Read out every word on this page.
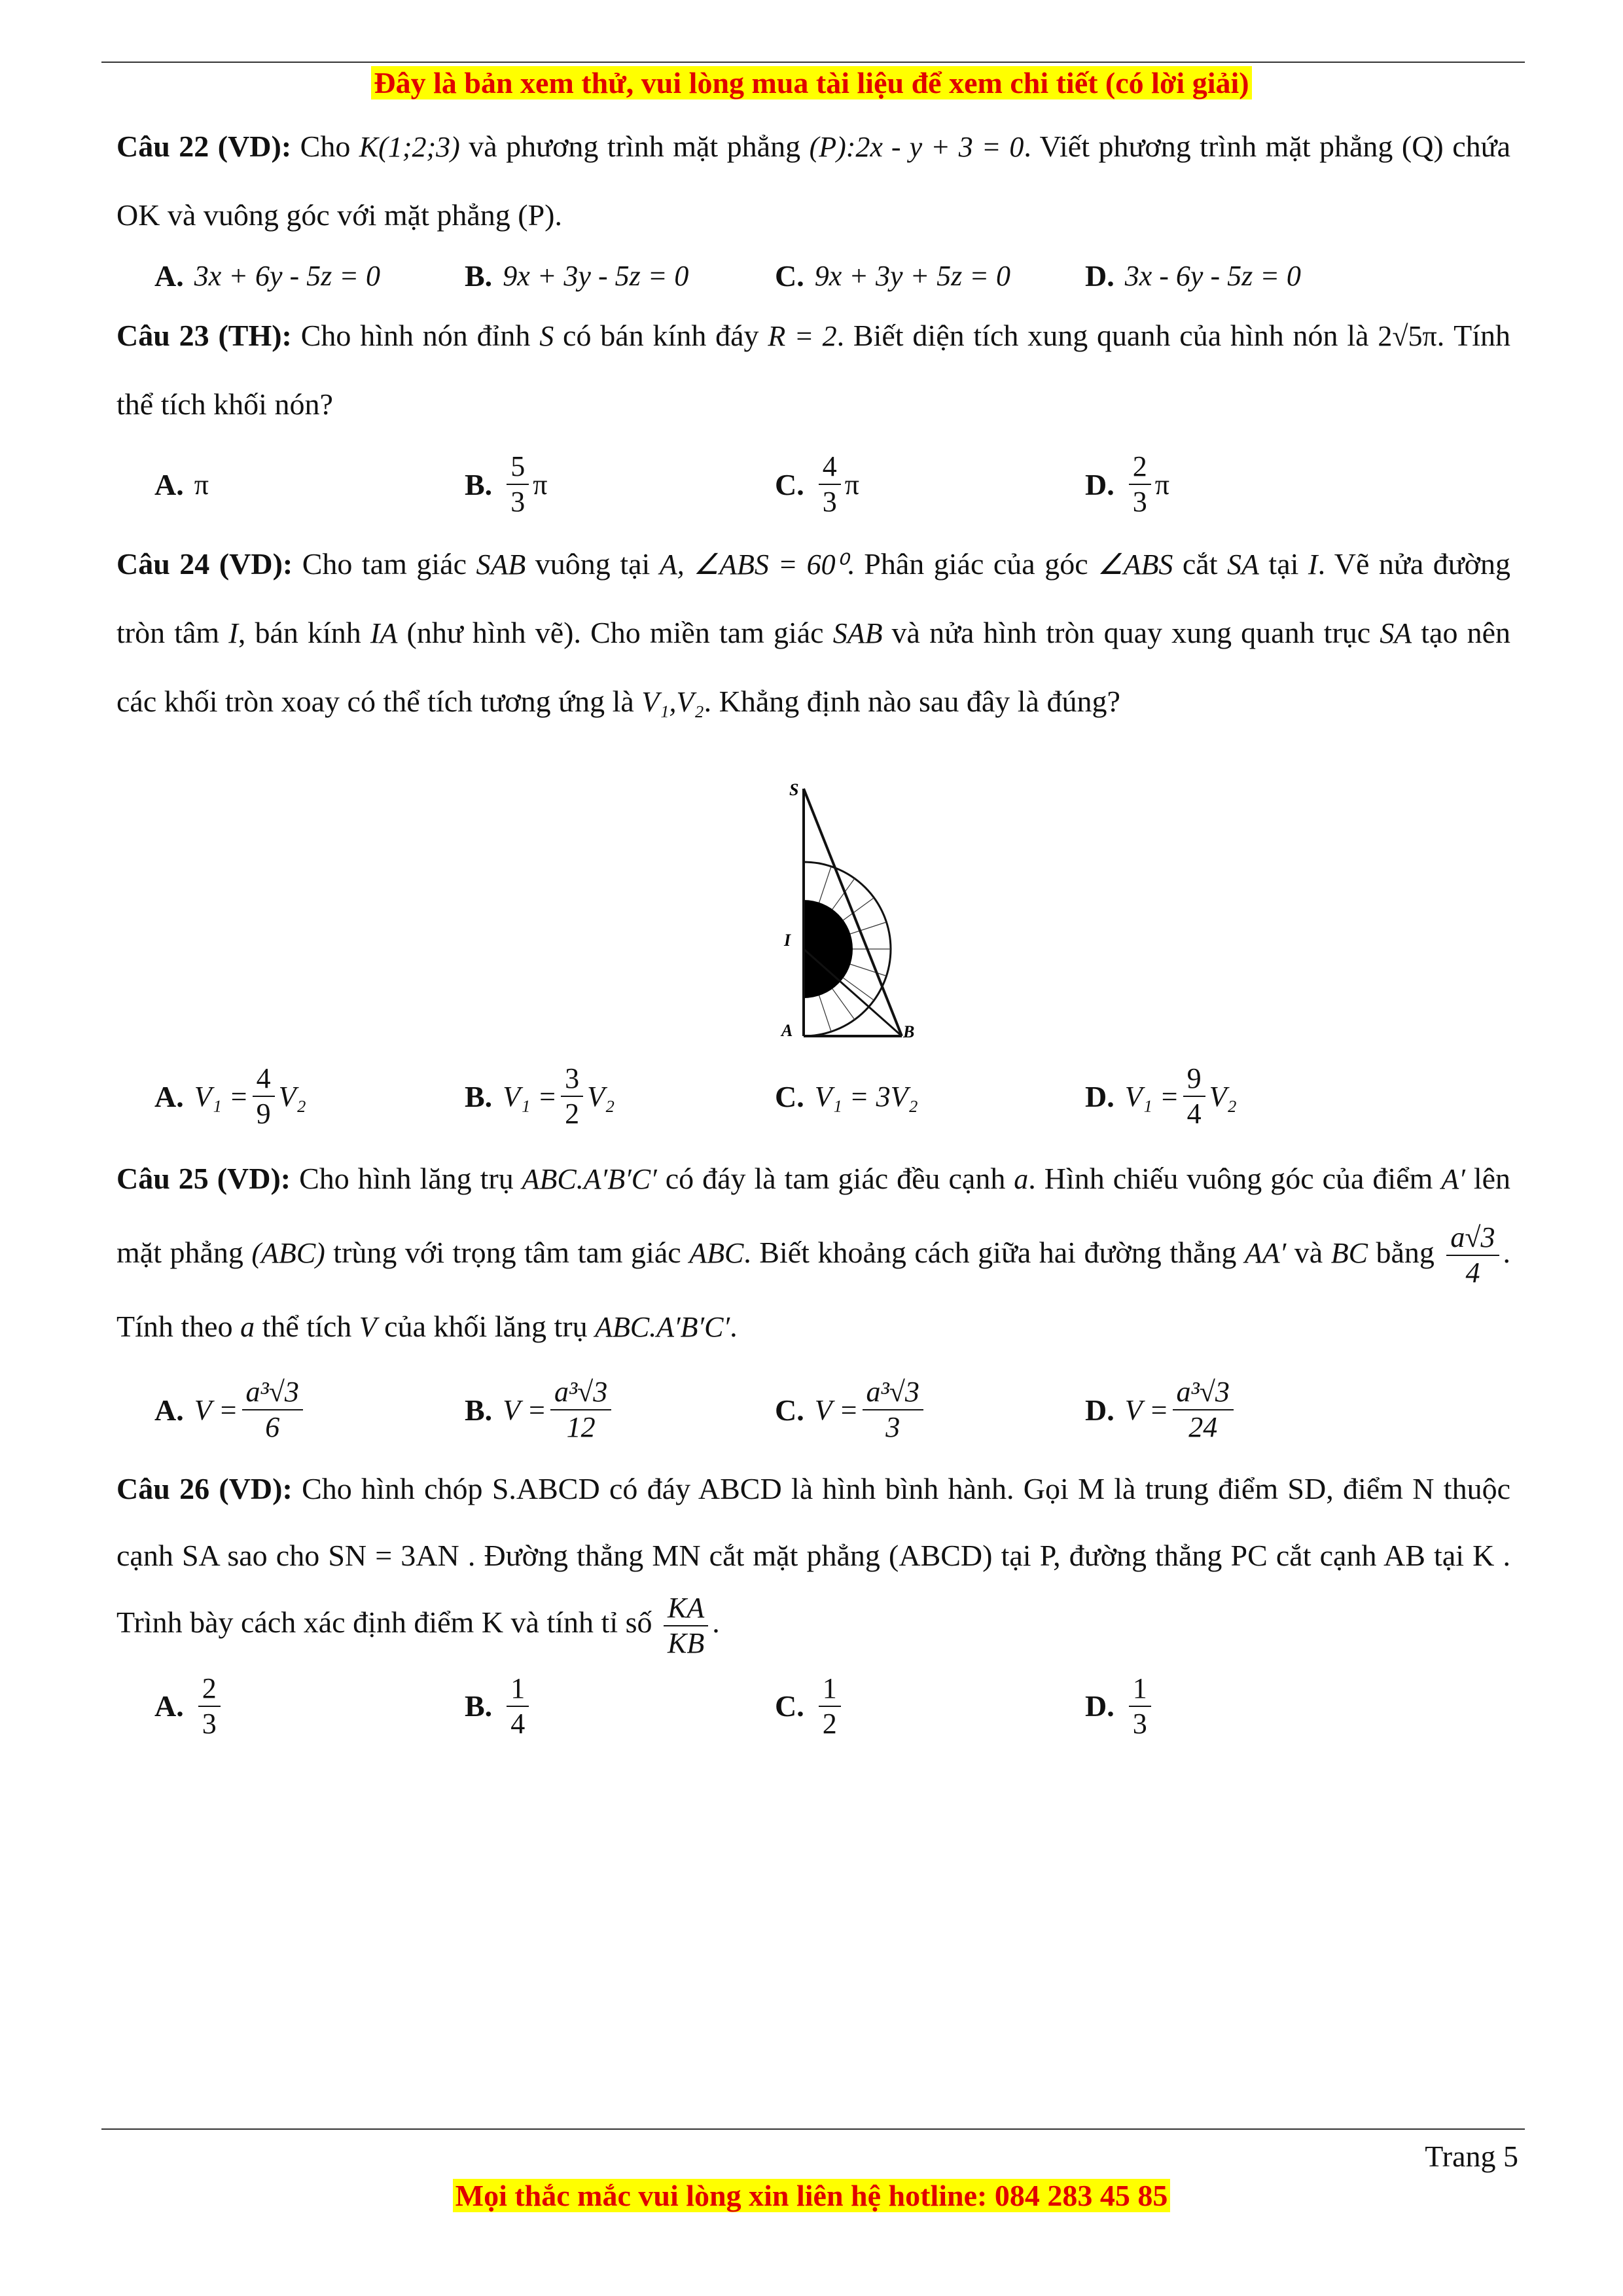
Đây là bản xem thử, vui lòng mua tài liệu để xem chi tiết (có lời giải)

Câu 22 (VD): Cho K(1;2;3) và phương trình mặt phẳng (P):2x - y + 3 = 0. Viết phương trình mặt phẳng (Q) chứa OK và vuông góc với mặt phẳng (P).

A. 3x + 6y - 5z = 0	B. 9x + 3y - 5z = 0	C. 9x + 3y + 5z = 0 D. 3x - 6y - 5z = 0

Câu 23 (TH): Cho hình nón đỉnh S có bán kính đáy R = 2. Biết diện tích xung quanh của hình nón là 2√5π. Tính thể tích khối nón?

A. π	B. $\frac{5}{3}$ π	C. $\frac{4}{3}$ π	D. $\frac{2}{3}$ π

Câu 24 (VD): Cho tam giác SAB vuông tại A, ∠ABS = 60⁰. Phân giác của góc ∠ABS cắt SA tại I. Vẽ nửa đường tròn tâm I, bán kính IA (như hình vẽ). Cho miền tam giác SAB và nửa hình tròn quay xung quanh trục SA tạo nên các khối tròn xoay có thể tích tương ứng là V₁,V₂. Khẳng định nào sau đây là đúng?

S
I
A	B
A. $V_1 = \frac{4}{9} V_2$	B. $V_1 = \frac{3}{2} V_2$	C. V₁ = 3V₂	D. $V_1 = \frac{9}{4} V_2$

Câu 25 (VD): Cho hình lăng trụ ABC.A′B′C′ có đáy là tam giác đều cạnh a. Hình chiếu vuông góc của điểm A′ lên mặt phẳng (ABC) trùng với trọng tâm tam giác ABC. Biết khoảng cách giữa hai đường thẳng AA′ và BC bằng $\frac{a√3}{4}$ . Tính theo a thể tích V của khối lăng trụ ABC.A′B′C′.

A. $V = \frac{\text{a³√3}}{6}$	B. $V = \frac{\text{a³√3}}{12}$	C. $V = \frac{\text{a³√3}}{3}$	D. $V = \frac{\text{a³√3}}{24}$

Câu 26 (VD): Cho hình chóp S.ABCD có đáy ABCD là hình bình hành. Gọi M là trung điểm SD, điểm N thuộc cạnh SA sao cho SN = 3AN . Đường thẳng MN cắt mặt phẳng (ABCD) tại P, đường thẳng PC cắt cạnh AB tại K . Trình bày cách xác định điểm K và tính tỉ số $\frac{KA}{KB}$ .

A. $\frac{2}{3}$	B. $\frac{1}{4}$	C. $\frac{1}{2}$	D. $\frac{1}{3}$
Trang 5
Mọi thắc mắc vui lòng xin liên hệ hotline: 084 283 45 85
